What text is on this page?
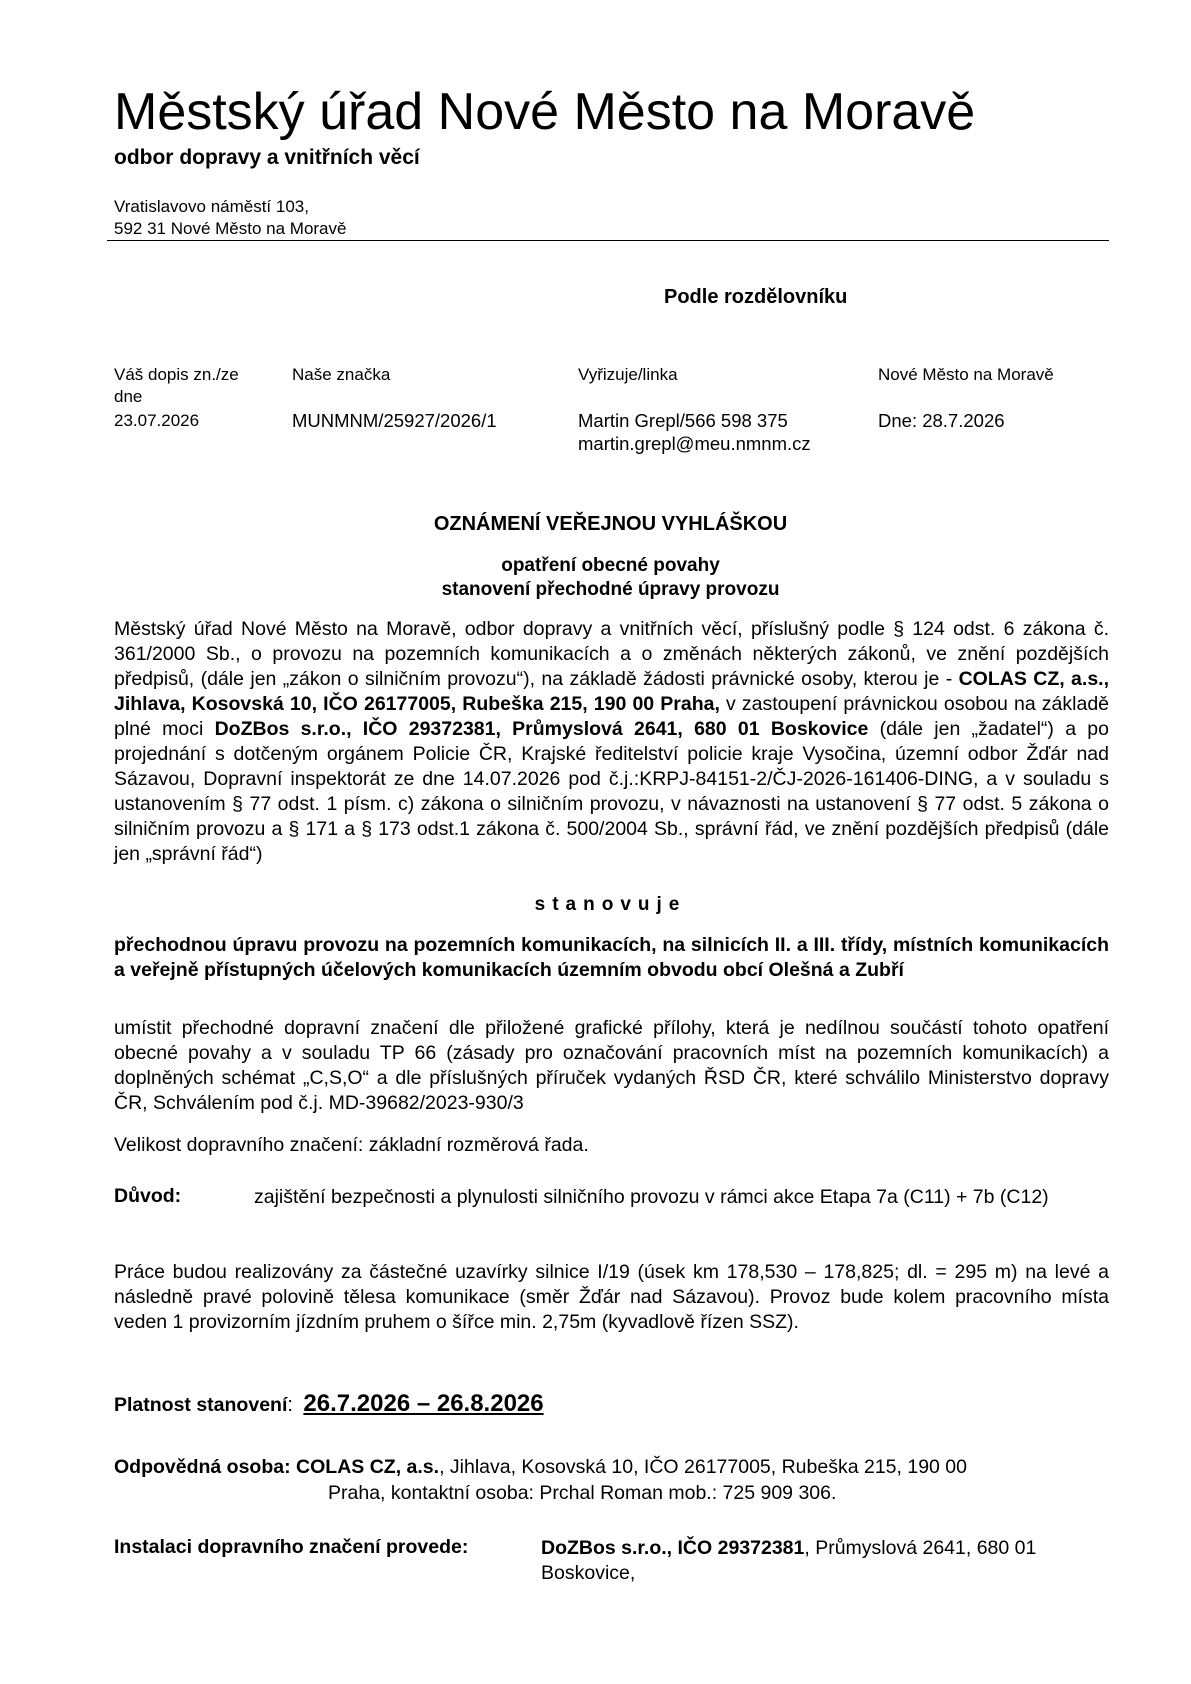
Městský úřad Nové Město na Moravě
odbor dopravy a vnitřních věcí
Vratislavovo náměstí 103,
592 31 Nové Město na Moravě
Podle rozdělovníku
Váš dopis zn./ze
dne
23.07.2026
Naše značka
MUNMNM/25927/2026/1
Vyřizuje/linka
Martin Grepl/566 598 375
martin.grepl@meu.nmnm.cz
Nové Město na Moravě
Dne: 28.7.2026
OZNÁMENÍ VEŘEJNOU VYHLÁŠKOU
opatření obecné povahy
stanovení přechodné úpravy provozu
Městský úřad Nové Město na Moravě, odbor dopravy a vnitřních věcí, příslušný podle § 124 odst. 6 zákona č. 361/2000 Sb., o provozu na pozemních komunikacích a o změnách některých zákonů, ve znění pozdějších předpisů, (dále jen „zákon o silničním provozu“), na základě žádosti právnické osoby, kterou je - COLAS CZ, a.s., Jihlava, Kosovská 10, IČO 26177005, Rubeška 215, 190 00 Praha, v zastoupení právnickou osobou na základě plné moci DoZBos s.r.o., IČO 29372381, Průmyslová 2641, 680 01 Boskovice (dále jen „žadatel“) a po projednání s dotčeným orgánem Policie ČR, Krajské ředitelství policie kraje Vysočina, územní odbor Žďár nad Sázavou, Dopravní inspektorát ze dne 14.07.2026 pod č.j.:KRPJ-84151-2/ČJ-2026-161406-DING, a v souladu s ustanovením § 77 odst. 1 písm. c) zákona o silničním provozu, v návaznosti na ustanovení § 77 odst. 5 zákona o silničním provozu a § 171 a § 173 odst.1 zákona č. 500/2004 Sb., správní řád, ve znění pozdějších předpisů (dále jen „správní řád“)
stanovuje
přechodnou úpravu provozu na pozemních komunikacích, na silnicích II. a III. třídy, místních komunikacích a veřejně přístupných účelových komunikacích územním obvodu obcí Olešná a Zubří
umístit přechodné dopravní značení dle přiložené grafické přílohy, která je nedílnou součástí tohoto opatření obecné povahy a v souladu TP 66 (zásady pro označování pracovních míst na pozemních komunikacích) a doplněných schémat „C,S,O“ a dle příslušných příruček vydaných ŘSD ČR, které schválilo Ministerstvo dopravy ČR, Schválením pod č.j. MD-39682/2023-930/3
Velikost dopravního značení: základní rozměrová řada.
Důvod:	zajištění bezpečnosti a plynulosti silničního provozu v rámci akce Etapa 7a (C11) + 7b (C12)
Práce budou realizovány za částečné uzavírky silnice I/19 (úsek km 178,530 – 178,825; dl. = 295 m) na levé a následně pravé polovině tělesa komunikace (směr Žďár nad Sázavou). Provoz bude kolem pracovního místa veden 1 provizorním jízdním pruhem o šířce min. 2,75m (kyvadlově řízen SSZ).
Platnost stanovení: 26.7.2026 – 26.8.2026
Odpovědná osoba: COLAS CZ, a.s., Jihlava, Kosovská 10, IČO 26177005, Rubeška 215, 190 00
Praha, kontaktní osoba: Prchal Roman mob.: 725 909 306.
Instalaci dopravního značení provede:	DoZBos s.r.o., IČO 29372381, Průmyslová 2641, 680 01
Boskovice,
